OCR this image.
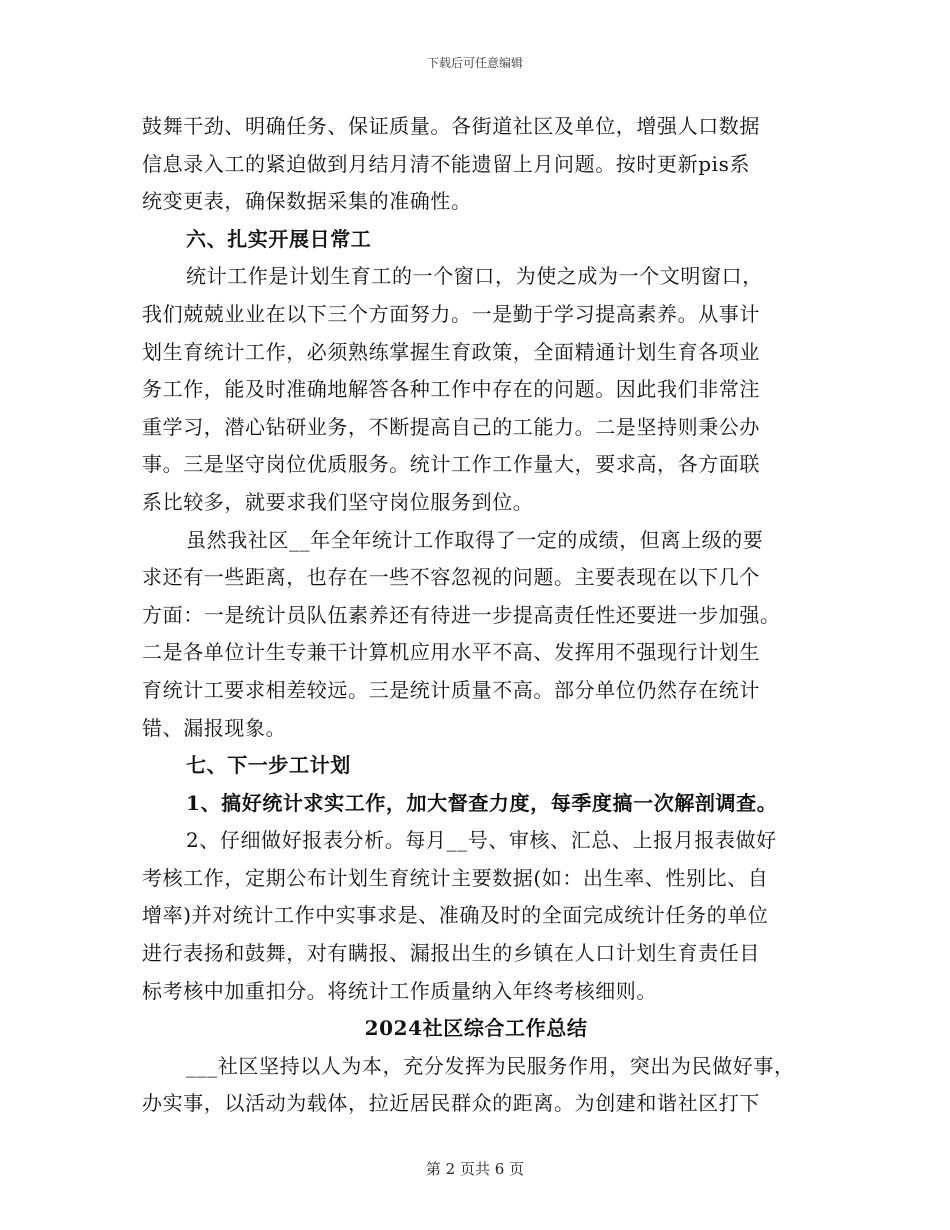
下载后可任意编辑
鼓舞干劲、明确任务、保证质量。各街道社区及单位，增强人口数据
信息录入工的紧迫做到月结月清不能遗留上月问题。按时更新pis系
统变更表，确保数据采集的准确性。
六、扎实开展日常工
统计工作是计划生育工的一个窗口，为使之成为一个文明窗口，
我们兢兢业业在以下三个方面努力。一是勤于学习提高素养。从事计
划生育统计工作，必须熟练掌握生育政策，全面精通计划生育各项业
务工作，能及时准确地解答各种工作中存在的问题。因此我们非常注
重学习，潜心钻研业务，不断提高自己的工能力。二是坚持则秉公办
事。三是坚守岗位优质服务。统计工作工作量大，要求高，各方面联
系比较多，就要求我们坚守岗位服务到位。
虽然我社区__年全年统计工作取得了一定的成绩，但离上级的要
求还有一些距离，也存在一些不容忽视的问题。主要表现在以下几个
方面：一是统计员队伍素养还有待进一步提高责任性还要进一步加强。
二是各单位计生专兼干计算机应用水平不高、发挥用不强现行计划生
育统计工要求相差较远。三是统计质量不高。部分单位仍然存在统计
错、漏报现象。
七、下一步工计划
1、搞好统计求实工作，加大督查力度，每季度搞一次解剖调查。
2、仔细做好报表分析。每月__号、审核、汇总、上报月报表做好
考核工作，定期公布计划生育统计主要数据(如：出生率、性别比、自
增率)并对统计工作中实事求是、准确及时的全面完成统计任务的单位
进行表扬和鼓舞，对有瞒报、漏报出生的乡镇在人口计划生育责任目
标考核中加重扣分。将统计工作质量纳入年终考核细则。
2024社区综合工作总结
___社区坚持以人为本，充分发挥为民服务作用，突出为民做好事，
办实事，以活动为载体，拉近居民群众的距离。为创建和谐社区打下
第 2 页共 6 页
